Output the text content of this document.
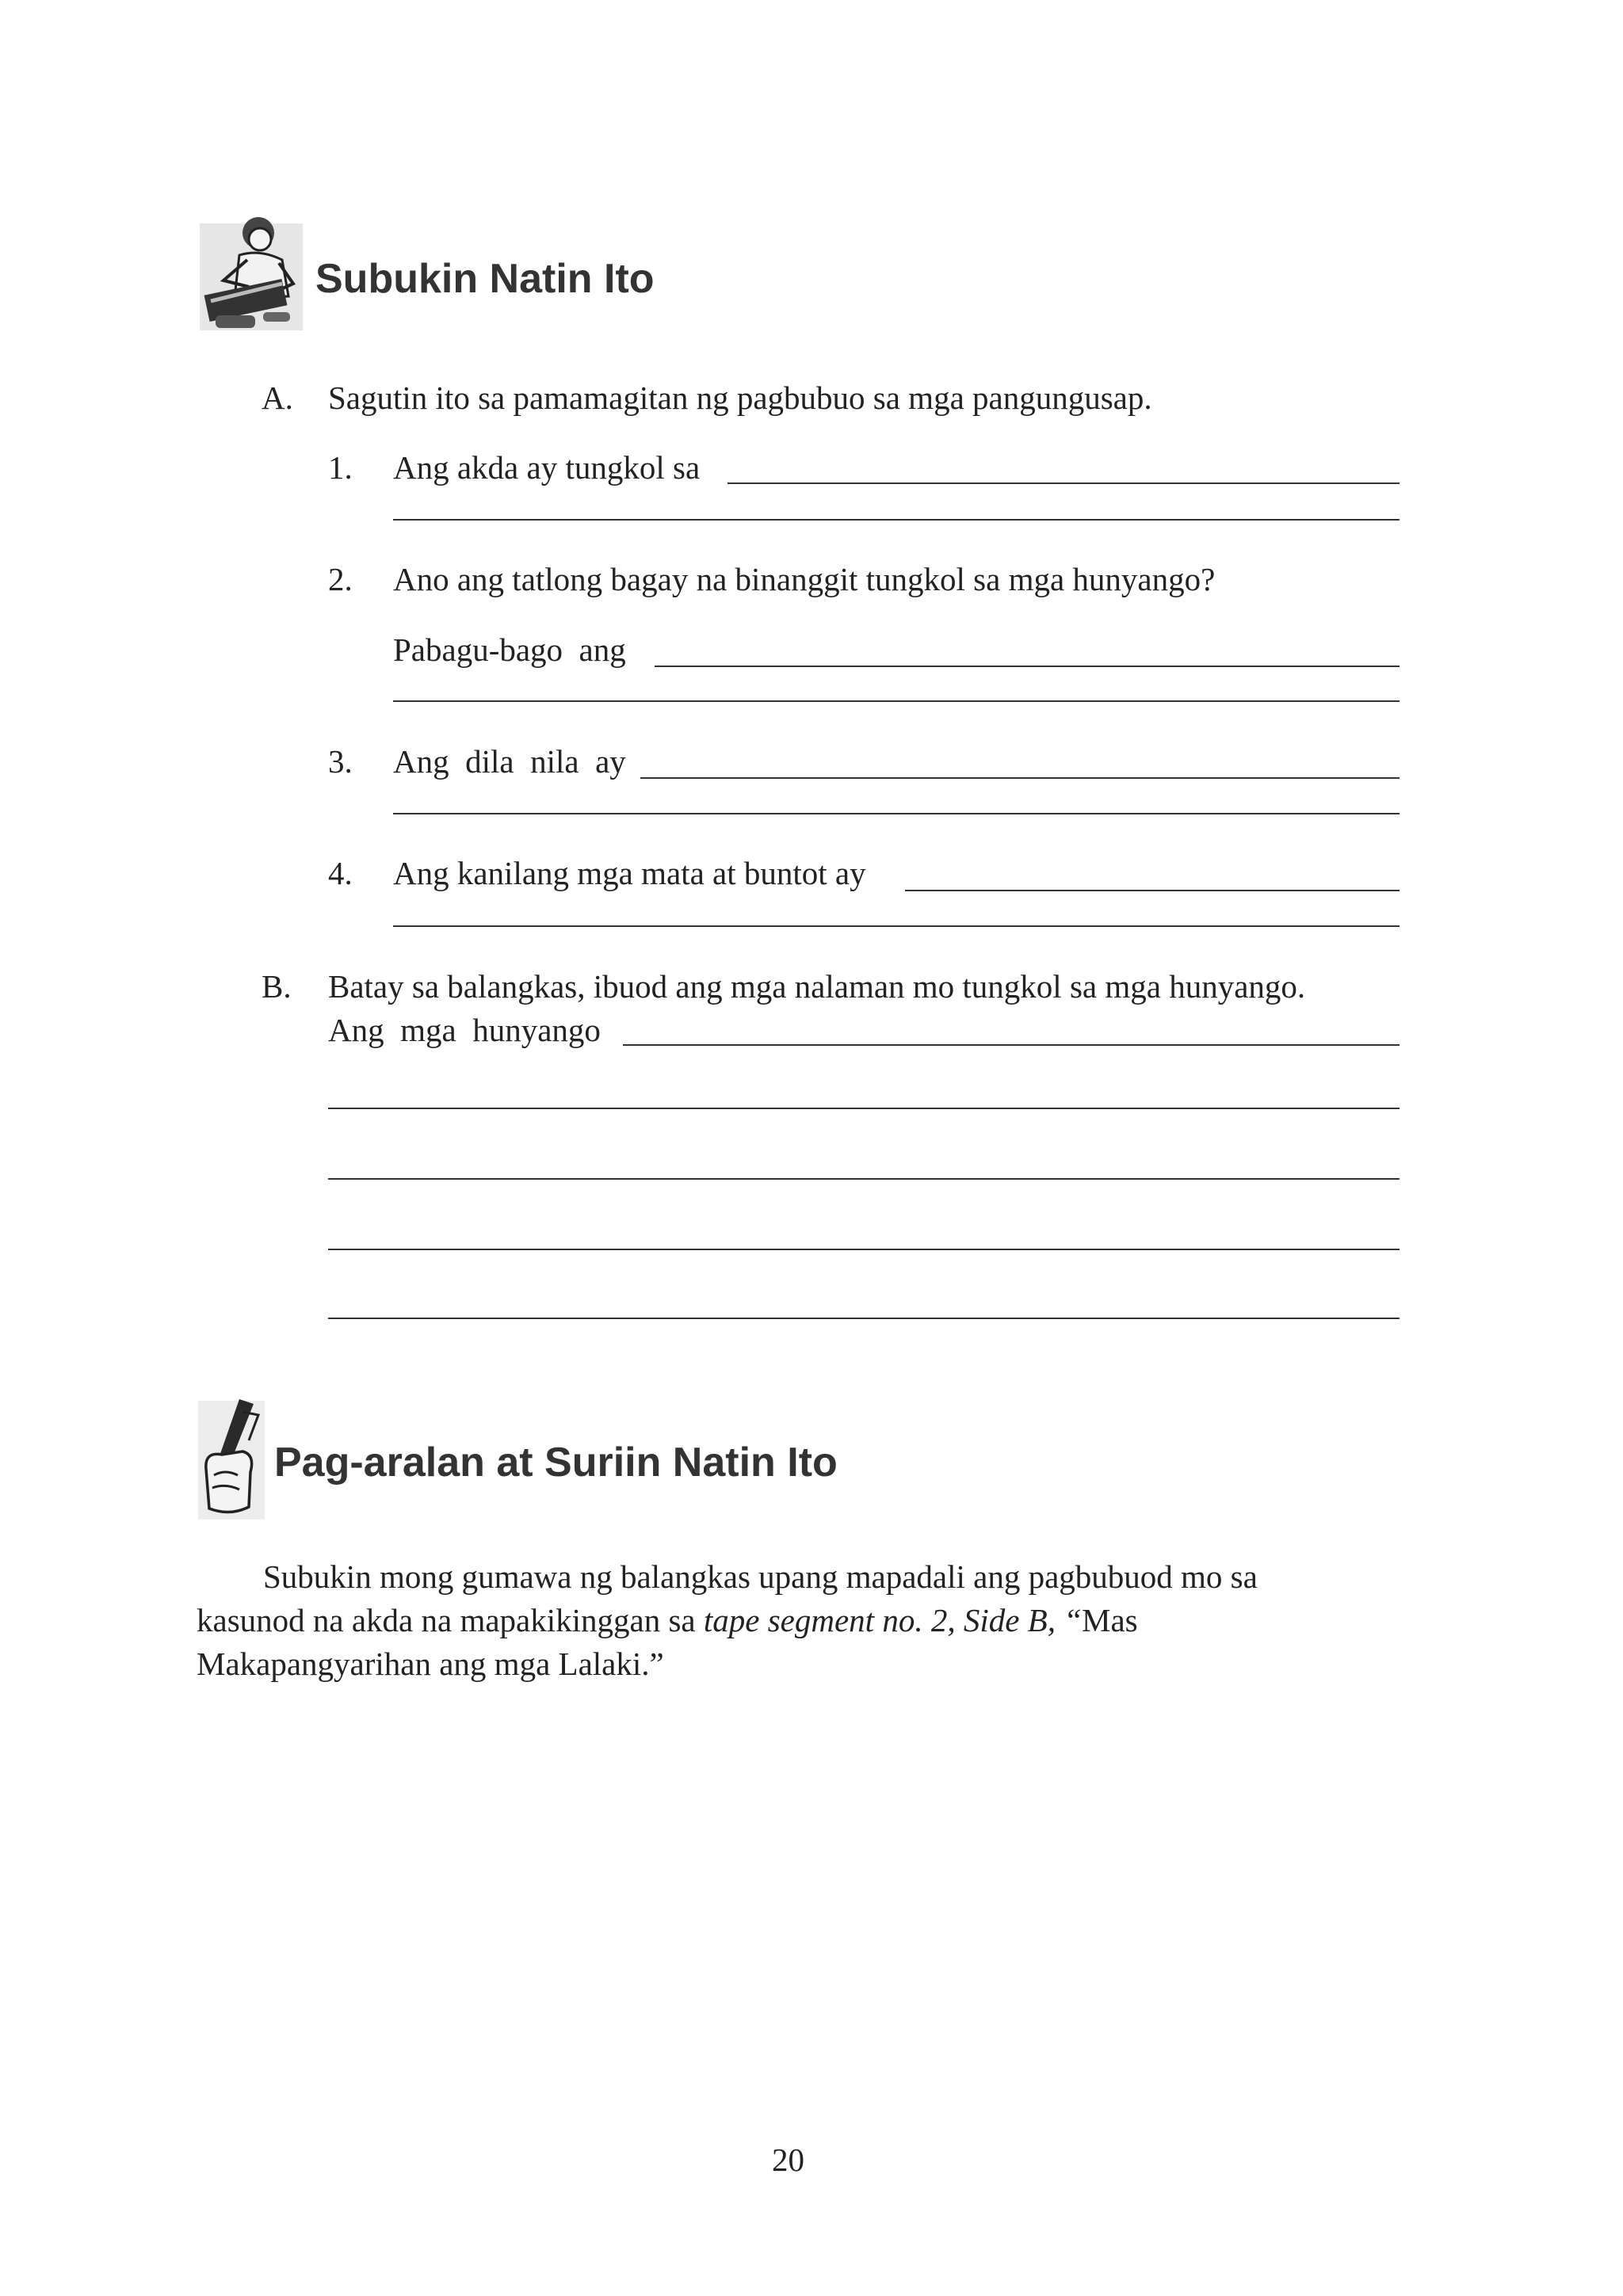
Subukin Natin Ito
A. Sagutin ito sa pamamagitan ng pagbubuo sa mga pangungusap.
1. Ang akda ay tungkol sa
2. Ano ang tatlong bagay na binanggit tungkol sa mga hunyango?
Pabagu-bago  ang
3. Ang  dila  nila  ay
4. Ang kanilang mga mata at buntot ay
B. Batay sa balangkas, ibuod ang mga nalaman mo tungkol sa mga hunyango.
Ang  mga  hunyango
Pag-aralan at Suriin Natin Ito

Subukin mong gumawa ng balangkas upang mapadali ang pagbubuod mo sa

kasunod na akda na mapakikinggan sa tape segment no. 2, Side B, “Mas

Makapangyarihan ang mga Lalaki.”

20
